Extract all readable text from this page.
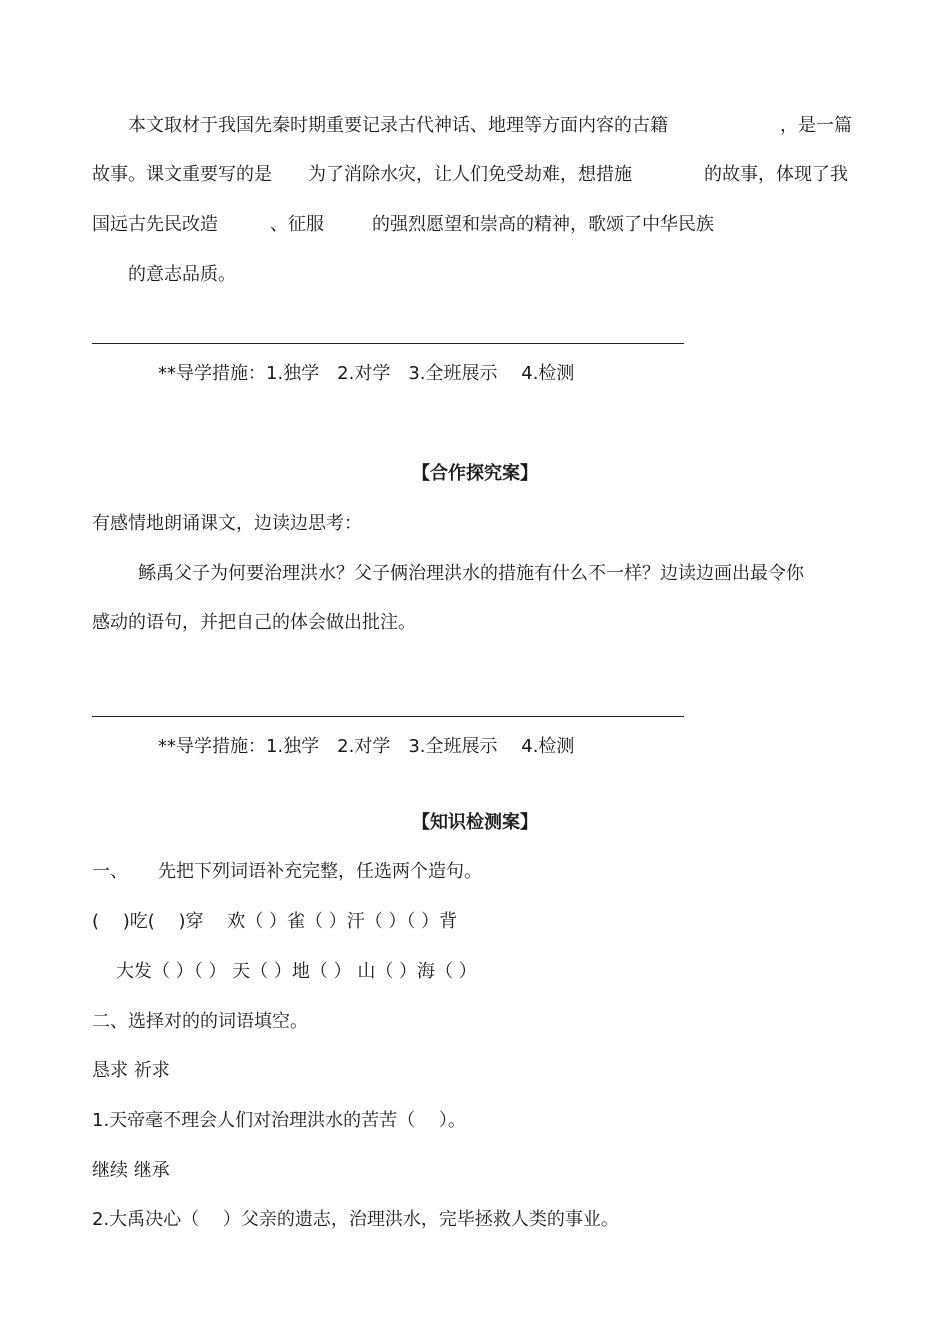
本文取材于我国先秦时期重要记录古代神话、地理等方面内容的古籍	，是一篇
故事。课文重要写的是 为了消除水灾，让人们免受劫难，想措施	的故事，体现了我
国远古先民改造	、征服	的强烈愿望和崇高的精神，歌颂了中华民族
的意志品质。
**导学措施：1.独学　2.对学　3.全班展示　 4.检测
【合作探究案】
有感情地朗诵课文，边读边思考：
鲧禹父子为何要治理洪水？父子俩治理洪水的措施有什么不一样？边读边画出最令你
感动的语句，并把自己的体会做出批注。
**导学措施：1.独学　2.对学　3.全班展示　 4.检测
【知识检测案】
一、 先把下列词语补充完整，任选两个造句。
(　 )吃(　 )穿　 欢（ ）雀（ ）汗（ ）（ ）背
大发（ ）（ ） 天（ ）地（ ） 山（ ）海（ ）
二、选择对的的词语填空。
恳求 祈求
1.天帝毫不理会人们对治理洪水的苦苦（　 ）。
继续 继承
2.大禹决心（　 ）父亲的遗志，治理洪水，完毕拯救人类的事业。
